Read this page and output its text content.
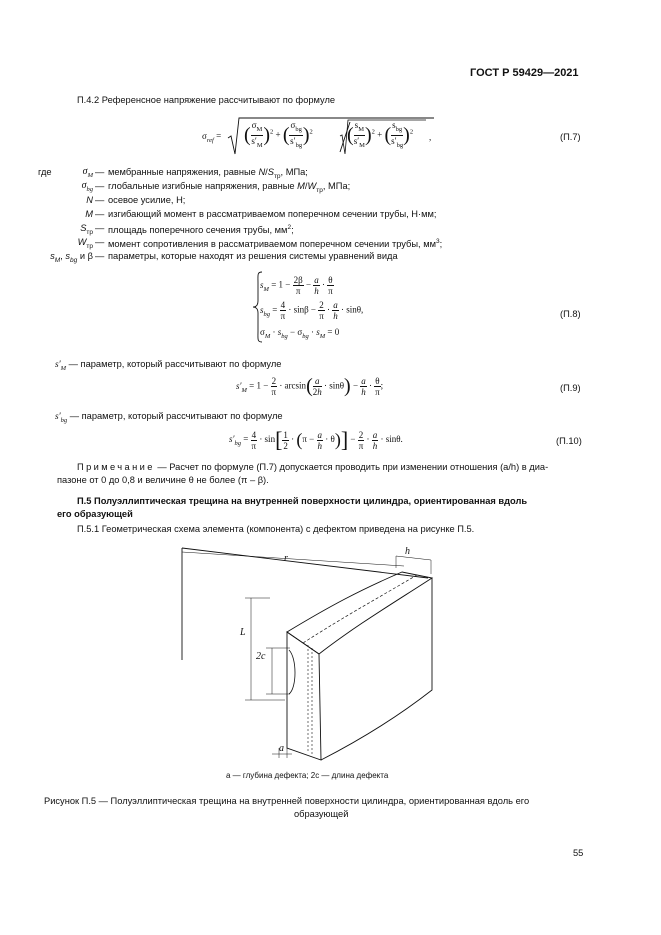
ГОСТ Р 59429—2021
П.4.2 Референсное напряжение рассчитывают по формуле
$\sigma_{ref}$ = ( $\frac{\sigma_M}{s'_M} )^2$ + ( $\frac{\sigma_{bg}}{s'_{bg}} )^2$ ( $\frac{s_M}{s'_M} )^2$ + ( $\frac{s_{bg}}{s'_{bg}} )^2$
,	(П.7)
где	$\sigma_M$ — мембранные напряжения, равные $N/S_{тр}$, МПа;
$\sigma_{bg}$ — глобальные изгибные напряжения, равные $M/W_{тр}$, МПа;
N — осевое усилие, Н;
M — изгибающий момент в рассматриваемом поперечном сечении трубы, Н·мм;
$S_{тр}$ — площадь поперечного сечения трубы, $мм^2$;
$W_{тр}$ — момент сопротивления в рассматриваемом поперечном сечении трубы, $мм^3$;
$s_M$, $s_{bg}$ и β — параметры, которые находят из решения системы уравнений вида
$s_M = 1 - \frac{2\beta}{\pi} - \frac{a}{h} \cdot \frac{\theta}{\pi}$
$s_{bg} = \frac{4}{\pi} \cdot \sin\beta - \frac{2}{\pi} \cdot \frac{a}{h} \cdot \sin\theta$,
$\sigma_M \cdot s_{bg} - \sigma_{bg} \cdot s_M = 0$
(П.8)
$s'_M$ — параметр, который рассчитывают по формуле
$s'_M = 1 - \frac{2}{\pi} \cdot \arcsin( \frac{a}{2h} \cdot \sin\theta) - \frac{a}{h} \cdot \frac{\theta}{\pi}$ ;	(П.9)
$s'_{bg}$ — параметр, который рассчитывают по формуле
$s'_{bg} = \frac{4}{\pi} \cdot \sin[ \frac{1}{2} \cdot (\pi - \frac{a}{h} \cdot \theta)] - \frac{2}{\pi} \cdot \frac{a}{h} \cdot \sin\theta$.	(П.10)
Примечание — Расчет по формуле (П.7) допускается проводить при изменении отношения (a/h) в диа-
пазоне от 0 до 0,8 и величине θ не более (π – β).
П.5 Полуэллиптическая трещина на внутренней поверхности цилиндра, ориентированная вдоль
его образующей
П.5.1 Геометрическая схема элемента (компонента) с дефектом приведена на рисунке П.5.
h
r
L
2c
a
a — глубина дефекта; 2c — длина дефекта
Рисунок П.5 — Полуэллиптическая трещина на внутренней поверхности цилиндра, ориентированная вдоль его
образующей
55
